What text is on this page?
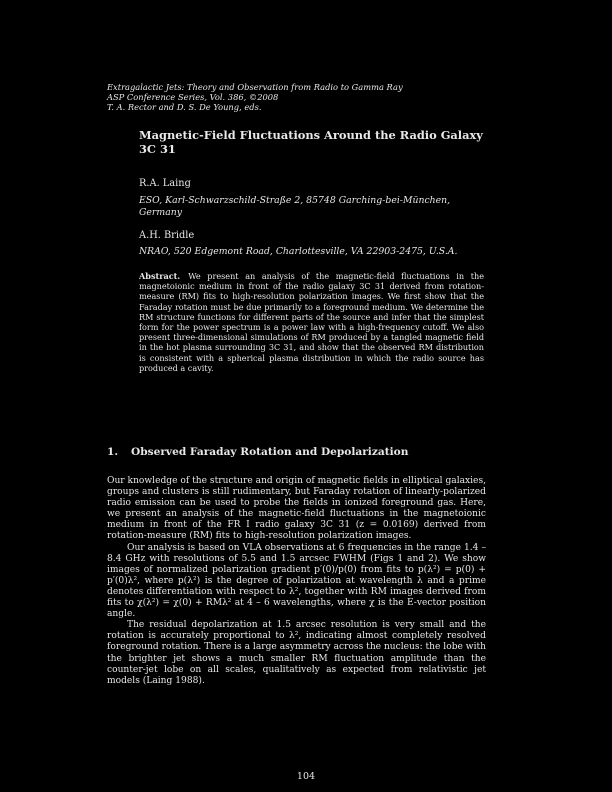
Extragalactic Jets: Theory and Observation from Radio to Gamma Ray
ASP Conference Series, Vol. 386, ©2008
T. A. Rector and D. S. De Young, eds.
Magnetic-Field Fluctuations Around the Radio Galaxy
3C 31
R.A. Laing
ESO, Karl-Schwarzschild-Straße 2, 85748 Garching-bei-München, Germany
A.H. Bridle
NRAO, 520 Edgemont Road, Charlottesville, VA 22903-2475, U.S.A.
Abstract. We present an analysis of the magnetic-field fluctuations in the magnetoionic medium in front of the radio galaxy 3C 31 derived from rotation-measure (RM) fits to high-resolution polarization images. We first show that the Faraday rotation must be due primarily to a foreground medium. We determine the RM structure functions for different parts of the source and infer that the simplest form for the power spectrum is a power law with a high-frequency cutoff. We also present three-dimensional simulations of RM produced by a tangled magnetic field in the hot plasma surrounding 3C 31, and show that the observed RM distribution is consistent with a spherical plasma distribution in which the radio source has produced a cavity.
1. Observed Faraday Rotation and Depolarization

Our knowledge of the structure and origin of magnetic fields in elliptical galaxies, groups and clusters is still rudimentary, but Faraday rotation of linearly-polarized radio emission can be used to probe the fields in ionized foreground gas. Here, we present an analysis of the magnetic-field fluctuations in the magnetoionic medium in front of the FR I radio galaxy 3C 31 (z = 0.0169) derived from rotation-measure (RM) fits to high-resolution polarization images.

Our analysis is based on VLA observations at 6 frequencies in the range 1.4 – 8.4 GHz with resolutions of 5.5 and 1.5 arcsec FWHM (Figs 1 and 2). We show images of normalized polarization gradient p′(0)/p(0) from fits to p(λ²) = p(0) + p′(0)λ², where p(λ²) is the degree of polarization at wavelength λ and a prime denotes differentiation with respect to λ², together with RM images derived from fits to χ(λ²) = χ(0) + RMλ² at 4 – 6 wavelengths, where χ is the E-vector position angle.

The residual depolarization at 1.5 arcsec resolution is very small and the rotation is accurately proportional to λ², indicating almost completely resolved foreground rotation. There is a large asymmetry across the nucleus: the lobe with the brighter jet shows a much smaller RM fluctuation amplitude than the counter-jet lobe on all scales, qualitatively as expected from relativistic jet models (Laing 1988).

104
